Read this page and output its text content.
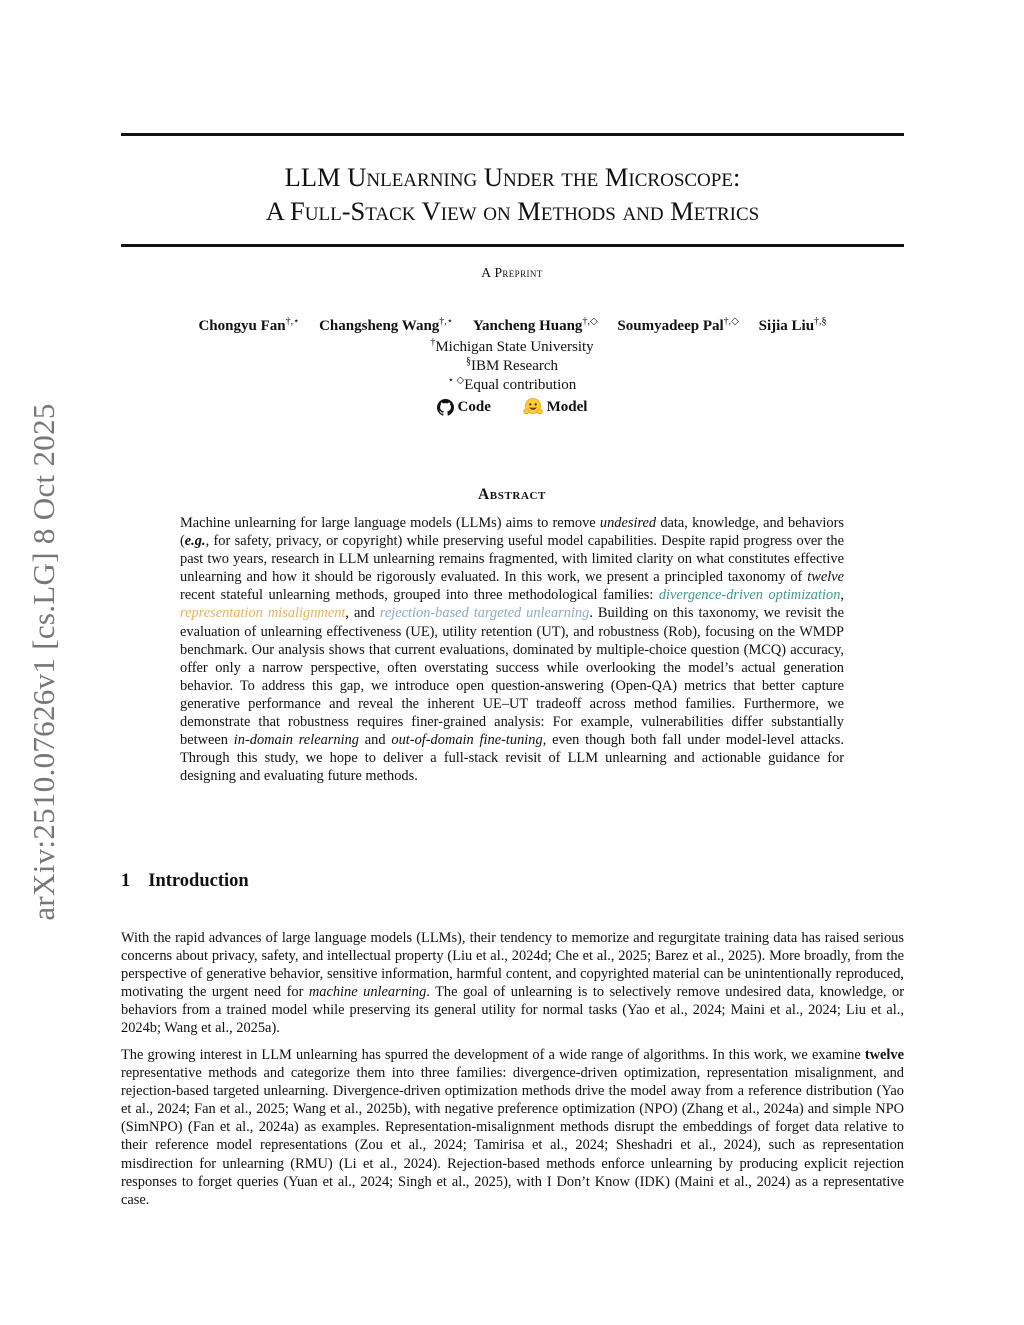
arXiv:2510.07626v1 [cs.LG] 8 Oct 2025
LLM Unlearning Under the Microscope:
A Full-Stack View on Methods and Metrics
A Preprint
Chongyu Fan†,⋆ Changsheng Wang†,⋆ Yancheng Huang†,◇ Soumyadeep Pal†,◇ Sijia Liu†,§
†Michigan State University
§IBM Research
⋆ ◇Equal contribution
Code
	Model
Abstract

Machine unlearning for large language models (LLMs) aims to remove undesired data, knowledge, and behaviors (e.g., for safety, privacy, or copyright) while preserving useful model capabilities. Despite rapid progress over the past two years, research in LLM unlearning remains fragmented, with limited clarity on what constitutes effective unlearning and how it should be rigorously evaluated. In this work, we present a principled taxonomy of twelve recent stateful unlearning methods, grouped into three methodological families: divergence-driven optimization, representation misalignment, and rejection-based targeted unlearning. Building on this taxonomy, we revisit the evaluation of unlearning effectiveness (UE), utility retention (UT), and robustness (Rob), focusing on the WMDP benchmark. Our analysis shows that current evaluations, dominated by multiple-choice question (MCQ) accuracy, offer only a narrow perspective, often overstating success while overlooking the model’s actual generation behavior. To address this gap, we introduce open question-answering (Open-QA) metrics that better capture generative performance and reveal the inherent UE–UT tradeoff across method families. Furthermore, we demonstrate that robustness requires finer-grained analysis: For example, vulnerabilities differ substantially between in-domain relearning and out-of-domain fine-tuning, even though both fall under model-level attacks. Through this study, we hope to deliver a full-stack revisit of LLM unlearning and actionable guidance for designing and evaluating future methods.

1 Introduction

With the rapid advances of large language models (LLMs), their tendency to memorize and regurgitate training data has raised serious concerns about privacy, safety, and intellectual property (Liu et al., 2024d; Che et al., 2025; Barez et al., 2025). More broadly, from the perspective of generative behavior, sensitive information, harmful content, and copyrighted material can be unintentionally reproduced, motivating the urgent need for machine unlearning. The goal of unlearning is to selectively remove undesired data, knowledge, or behaviors from a trained model while preserving its general utility for normal tasks (Yao et al., 2024; Maini et al., 2024; Liu et al., 2024b; Wang et al., 2025a).

The growing interest in LLM unlearning has spurred the development of a wide range of algorithms. In this work, we examine twelve representative methods and categorize them into three families: divergence-driven optimization, representation misalignment, and rejection-based targeted unlearning. Divergence-driven optimization methods drive the model away from a reference distribution (Yao et al., 2024; Fan et al., 2025; Wang et al., 2025b), with negative preference optimization (NPO) (Zhang et al., 2024a) and simple NPO (SimNPO) (Fan et al., 2024a) as examples. Representation-misalignment methods disrupt the embeddings of forget data relative to their reference model representations (Zou et al., 2024; Tamirisa et al., 2024; Sheshadri et al., 2024), such as representation misdirection for unlearning (RMU) (Li et al., 2024). Rejection-based methods enforce unlearning by producing explicit rejection responses to forget queries (Yuan et al., 2024; Singh et al., 2025), with I Don’t Know (IDK) (Maini et al., 2024) as a representative case.
